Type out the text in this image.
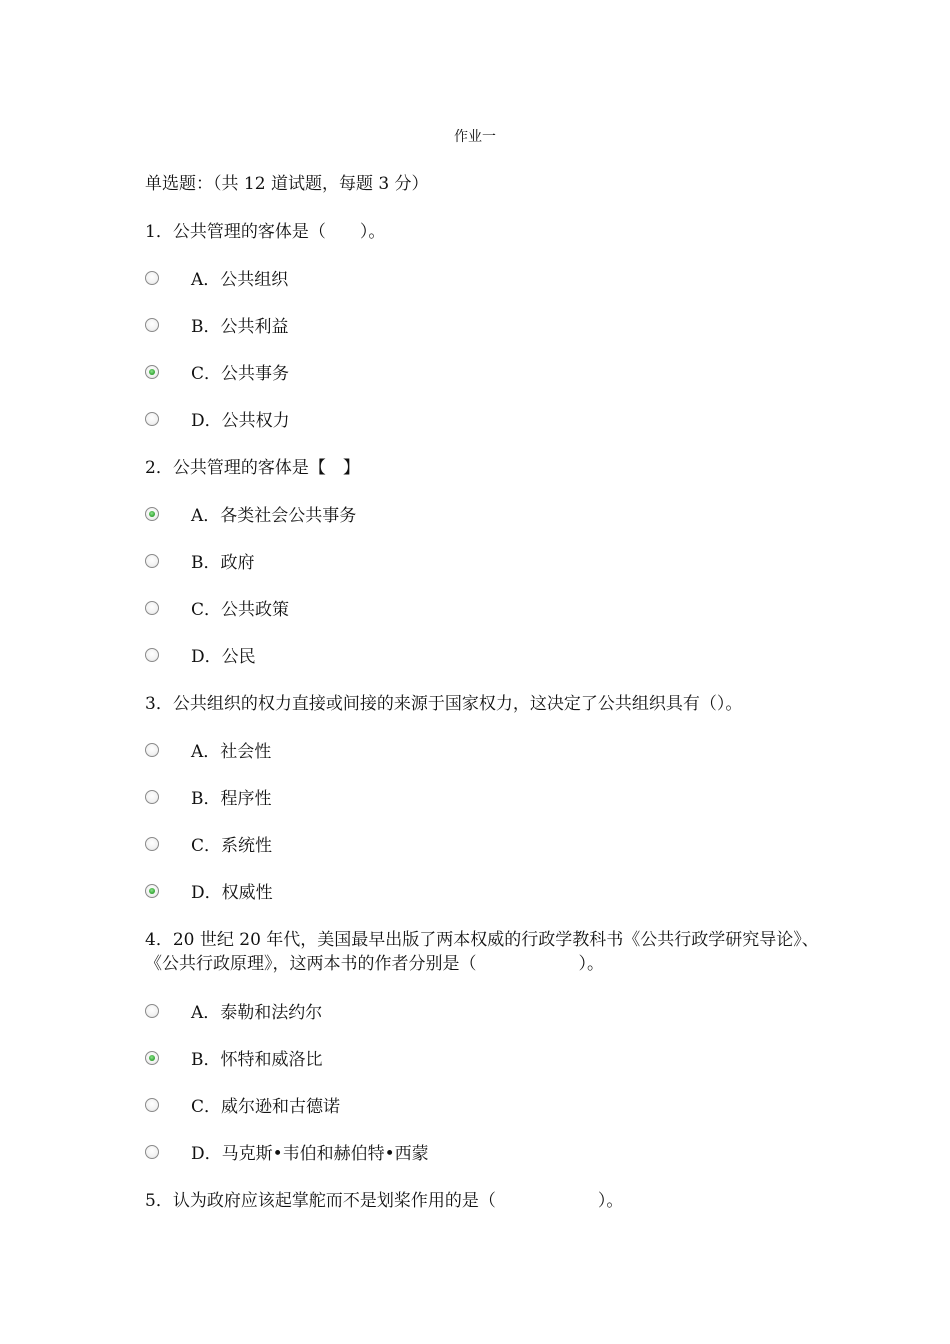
作业一
单选题：（共 12 道试题，每题 3 分）
1．公共管理的客体是（　　）。
A．公共组织
B．公共利益
C．公共事务
D．公共权力
2．公共管理的客体是【　】
A．各类社会公共事务
B．政府
C．公共政策
D．公民
3．公共组织的权力直接或间接的来源于国家权力，这决定了公共组织具有（）。
A．社会性
B．程序性
C．系统性
D．权威性
4．20 世纪 20 年代，美国最早出版了两本权威的行政学教科书《公共行政学研究导论》、《公共行政原理》，这两本书的作者分别是（　　　　　　）。
A．泰勒和法约尔
B．怀特和威洛比
C．威尔逊和古德诺
D．马克斯•韦伯和赫伯特•西蒙
5．认为政府应该起掌舵而不是划桨作用的是（　　　　　　）。
